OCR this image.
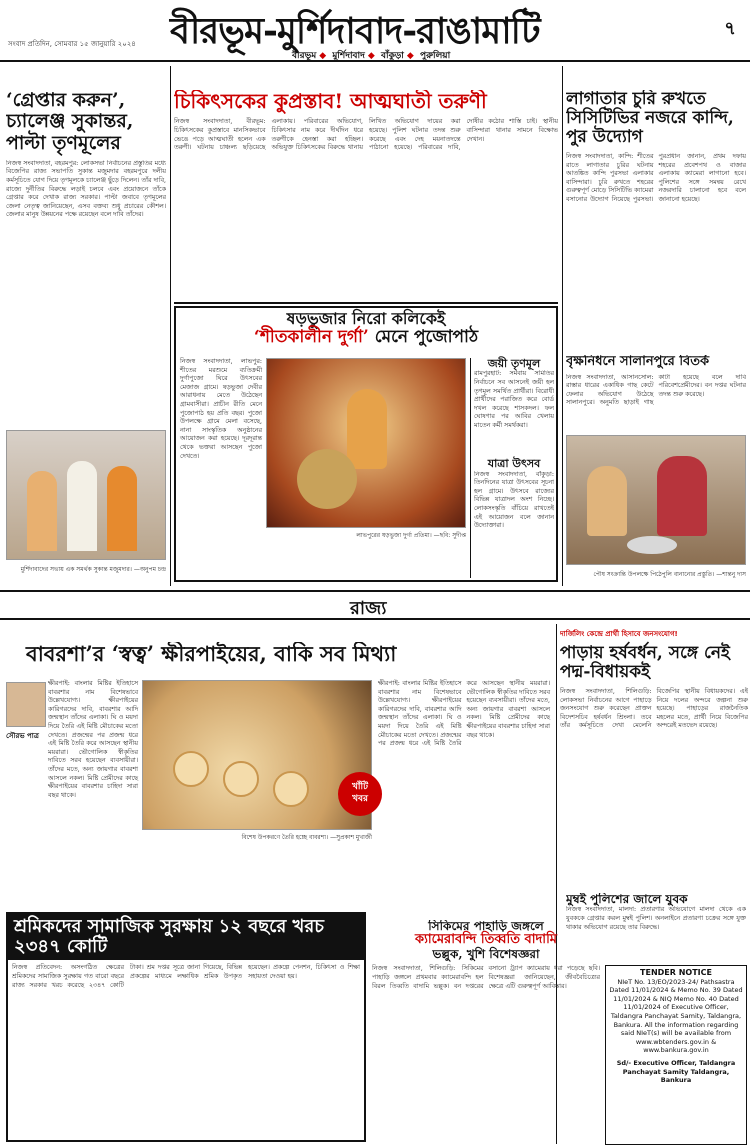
বীরভূম-মুর্শিদাবাদ-রাঙামাটি	৭
সংবাদ প্রতিদিন, সোমবার ১৫ জানুয়ারি ২০২৪
বীরভূম ◆ মুর্শিদাবাদ ◆ বাঁকুড়া ◆ পুরুলিয়া
‘গ্রেপ্তার করুন’, চ্যালেঞ্জ সুকান্তর, পাল্টা তৃণমূলের
নিজস্ব সংবাদদাতা, বহরমপুর: লোকসভা নির্বাচনের প্রস্তুতির মধ্যে বিজেপির রাজ্য সভাপতি সুকান্ত মজুমদার বহরমপুরে দলীয় কর্মসূচিতে যোগ দিয়ে তৃণমূলকে চ্যালেঞ্জ ছুঁড়ে দিলেন। তাঁর দাবি, রাজ্যে দুর্নীতির বিরুদ্ধে লড়াই চলবে এবং প্রয়োজনে তাঁকে গ্রেপ্তার করে দেখাক রাজ্য সরকার। পাল্টা জবাবে তৃণমূলের জেলা নেতৃত্ব জানিয়েছেন, এসব বক্তব্য শুধু প্রচারের কৌশল। জেলার মানুষ উন্নয়নের পক্ষে রয়েছেন বলে দাবি তাঁদের।
মুর্শিদাবাদের সভায় এক সমর্থক সুকান্ত মজুমদার। —অনুপম চন্দ্র
চিকিৎসকের কুপ্রস্তাব! আত্মঘাতী তরুণী
নিজস্ব সংবাদদাতা, বীরভূম: চিকিৎসকের কুপ্রস্তাবে মানসিকভাবে ভেঙে পড়ে আত্মঘাতী হলেন এক তরুণী। ঘটনায় চাঞ্চল্য ছড়িয়েছে এলাকায়। পরিবারের অভিযোগ, চিকিৎসার নাম করে দীর্ঘদিন ধরে তরুণীকে হেনস্তা করা হচ্ছিল। অভিযুক্ত চিকিৎসকের বিরুদ্ধে থানায় লিখিত অভিযোগ দায়ের করা হয়েছে। পুলিশ ঘটনার তদন্ত শুরু করেছে এবং দেহ ময়নাতদন্তে পাঠানো হয়েছে। পরিবারের দাবি, দোষীর কঠোর শাস্তি চাই। স্থানীয় বাসিন্দারা থানার সামনে বিক্ষোভ দেখান।
লাগাতার চুরি রুখতে সিসিটিভির নজরে কান্দি, পুর উদ্যোগ
নিজস্ব সংবাদদাতা, কান্দি: শীতের রাতে লাগাতার চুরির ঘটনায় আতঙ্কিত কান্দি পুরসভা এলাকার বাসিন্দারা। চুরি রুখতে শহরের গুরুত্বপূর্ণ মোড়ে সিসিটিভি ক্যামেরা বসানোর উদ্যোগ নিয়েছে পুরসভা। পুরপ্রধান জানান, প্রথম দফায় শহরের প্রবেশপথ ও বাজার এলাকায় ক্যামেরা লাগানো হবে। পুলিশের সঙ্গে সমন্বয় রেখে নজরদারি চালানো হবে বলে জানানো হয়েছে।
ষড়ভুজার নিরো কলিকেই
‘শীতকালীন দুর্গা’ মেনে পুজোপাঠ
নিজস্ব সংবাদদাতা, লাভপুর: শীতের মরশুমে ব্যতিক্রমী দুর্গাপুজো ঘিরে উৎসবের মেজাজ গ্রামে। ষড়ভুজা দেবীর আরাধনায় মেতে উঠেছেন গ্রামবাসীরা। প্রাচীন রীতি মেনে পুজোপাঠ হয় প্রতি বছর। পুজো উপলক্ষে গ্রামে মেলা বসেছে, নানা সাংস্কৃতিক অনুষ্ঠানের আয়োজন করা হয়েছে। দূরদূরান্ত থেকে ভক্তরা আসছেন পুজো দেখতে।
লাভপুরের ষড়ভুজা দুর্গা প্রতিমা। —ছবি: সুদীপ্ত
জয়ী তৃণমূল
রামপুরহাট: সমবায় সমিতির নির্বাচনে সব আসনেই জয়ী হল তৃণমূল সমর্থিত প্রার্থীরা। বিরোধী প্রার্থীদের পরাজিত করে বোর্ড দখল করেছে শাসকদল। ফল ঘোষণার পর আবির খেলায় মাতেন কর্মী সমর্থকরা।
যাত্রা উৎসব
নিজস্ব সংবাদদাতা, বাঁকুড়া: তিনদিনের যাত্রা উৎসবের সূচনা হল গ্রামে। উৎসবে রাজ্যের বিভিন্ন যাত্রাদল অংশ নিচ্ছে। লোকসংস্কৃতি বাঁচিয়ে রাখতেই এই আয়োজন বলে জানান উদ্যোক্তারা।
বৃক্ষনিধনে সালানপুরে বিতর্ক
নিজস্ব সংবাদদাতা, আসানসোল: রাস্তার ধারের একাধিক গাছ কেটে ফেলার অভিযোগ উঠেছে সালানপুরে। অনুমতি ছাড়াই গাছ কাটা হয়েছে বলে দাবি পরিবেশপ্রেমীদের। বন দপ্তর ঘটনার তদন্ত শুরু করেছে।
পৌষ সংক্রান্তি উপলক্ষে পিঠেপুলি বানানোর প্রস্তুতি। —শান্তনু দাস
রাজ্য
বাবরশা’র ‘স্বত্ব’ ক্ষীরপাইয়ের, বাকি সব মিথ্যা
সৌরভ পাত্র
ক্ষীরপাই: বাংলার মিষ্টির ইতিহাসে বাবরশার নাম বিশেষভাবে উল্লেখযোগ্য। ক্ষীরপাইয়ের কারিগরদের দাবি, বাবরশার আদি জন্মস্থান তাঁদের এলাকা। ঘি ও ময়দা দিয়ে তৈরি এই মিষ্টি মৌচাকের মতো দেখতে। প্রজন্মের পর প্রজন্ম ধরে এই মিষ্টি তৈরি করে আসছেন স্থানীয় ময়রারা। ভৌগোলিক স্বীকৃতির দাবিতে সরব হয়েছেন ব্যবসায়ীরা। তাঁদের মতে, অন্য জায়গার বাবরশা আসলে নকল। মিষ্টি প্রেমীদের কাছে ক্ষীরপাইয়ের বাবরশার চাহিদা সারা বছর থাকে।
বিশেষ উপকরণে তৈরি হচ্ছে বাবরশা। —সুপ্রকাশ মুখার্জী
খাঁটি
খবর
ক্ষীরপাই: বাংলার মিষ্টির ইতিহাসে বাবরশার নাম বিশেষভাবে উল্লেখযোগ্য। ক্ষীরপাইয়ের কারিগরদের দাবি, বাবরশার আদি জন্মস্থান তাঁদের এলাকা। ঘি ও ময়দা দিয়ে তৈরি এই মিষ্টি মৌচাকের মতো দেখতে। প্রজন্মের পর প্রজন্ম ধরে এই মিষ্টি তৈরি করে আসছেন স্থানীয় ময়রারা। ভৌগোলিক স্বীকৃতির দাবিতে সরব হয়েছেন ব্যবসায়ীরা। তাঁদের মতে, অন্য জায়গার বাবরশা আসলে নকল। মিষ্টি প্রেমীদের কাছে ক্ষীরপাইয়ের বাবরশার চাহিদা সারা বছর থাকে।
দার্জিলিং কেন্দ্রে প্রার্থী হিসাবে জনসংযোগ!
পাড়ায় হর্ষবর্ধন, সঙ্গে নেই পদ্ম-বিধায়কই
নিজস্ব সংবাদদাতা, শিলিগুড়ি: লোকসভা নির্বাচনের আগে পাহাড়ে জনসংযোগ শুরু করেছেন প্রাক্তন বিদেশসচিব হর্ষবর্ধন শ্রিংলা। তবে তাঁর কর্মসূচিতে দেখা মেলেনি বিজেপির স্থানীয় বিধায়কদের। এই নিয়ে দলের অন্দরে জল্পনা শুরু হয়েছে। পাহাড়ের রাজনৈতিক মহলের মতে, প্রার্থী নিয়ে বিজেপির অন্দরেই মতভেদ রয়েছে।
শ্রমিকদের সামাজিক সুরক্ষায় ১২ বছরে খরচ ২৩৪৭ কোটি
নিজস্ব প্রতিবেদন: অসংগঠিত ক্ষেত্রের শ্রমিকদের সামাজিক সুরক্ষায় গত বারো বছরে রাজ্য সরকার খরচ করেছে ২৩৪৭ কোটি টাকা। শ্রম দপ্তর সূত্রে জানা গিয়েছে, বিভিন্ন প্রকল্পের মাধ্যমে লক্ষাধিক শ্রমিক উপকৃত হয়েছেন। প্রকল্পে পেনশন, চিকিৎসা ও শিক্ষা সহায়তা দেওয়া হয়।
সিকিমের পাহাড়ি জঙ্গলে
ক্যামেরাবন্দি তিব্বতি বাদামি
ভল্লুক, খুশি বিশেষজ্ঞরা
নিজস্ব সংবাদদাতা, শিলিগুড়ি: সিকিমের পাহাড়ি জঙ্গলে প্রথমবার ক্যামেরাবন্দি হল বিরল তিব্বতি বাদামি ভল্লুক। বন দপ্তরের বসানো ট্র্যাপ ক্যামেরায় ধরা পড়েছে ছবি। বিশেষজ্ঞরা জানিয়েছেন, জীববৈচিত্র্যের ক্ষেত্রে এটি গুরুত্বপূর্ণ আবিষ্কার।
TENDER NOTICE
NIeT No. 13/EO/2023-24/ Pathsastra Dated 11/01/2024 & Memo No. 39 Dated 11/01/2024 & NIQ Memo No. 40 Dated 11/01/2024 of Executive Officer, Taldangra Panchayat Samity, Taldangra, Bankura. All the information regarding said NIeT(s) will be available from www.wbtenders.gov.in & www.bankura.gov.in
Sd/- Executive Officer, Taldangra Panchayat Samity Taldangra, Bankura
মুম্বই পুলিশের জালে যুবক
নিজস্ব সংবাদদাতা, মালদা: প্রতারণার অভিযোগে মালদা থেকে এক যুবককে গ্রেপ্তার করল মুম্বই পুলিশ। অনলাইনে প্রতারণা চক্রের সঙ্গে যুক্ত থাকার অভিযোগ রয়েছে তার বিরুদ্ধে।
